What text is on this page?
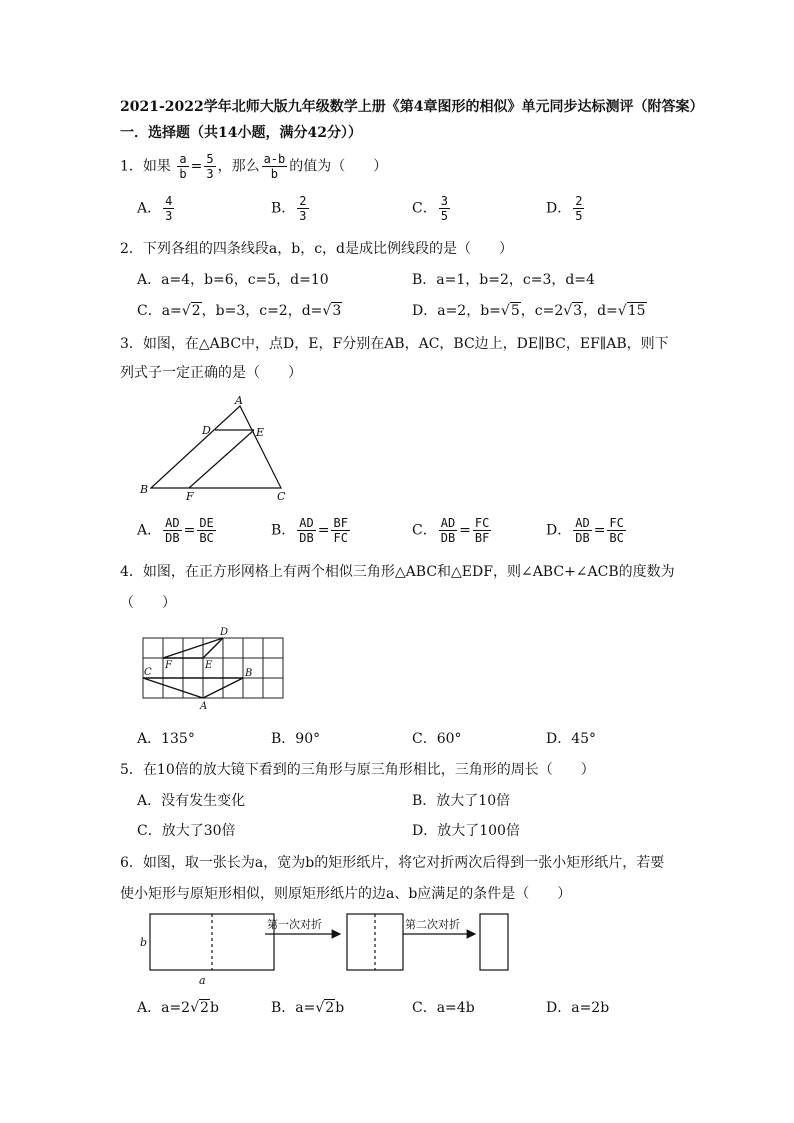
2021-2022学年北师大版九年级数学上册《第4章图形的相似》单元同步达标测评（附答案）
一．选择题（共14小题，满分42分））
1．如果 $\frac{a}{b} = \frac{5}{3}$ ，那么 $\frac{a-b}{b}$ 的值为（　　）
A． $\frac{4}{3}$	B． $\frac{2}{3}$	C． $\frac{3}{5}$	D． $\frac{2}{5}$
2．下列各组的四条线段a，b，c，d是成比例线段的是（　　）
A．a=4，b=6，c=5，d=10	B．a=1，b=2，c=3，d=4
C．a=√2，b=3，c=2，d=√3	D．a=2，b=√5，c=2√3，d=√15
3．如图，在△ABC中，点D，E，F分别在AB，AC，BC边上，DE∥BC，EF∥AB，则下
列式子一定正确的是（　　）
A
B
C
D	E
F
A． $\frac{AD}{DB} = \frac{DE}{BC}$	B． $\frac{AD}{DB} = \frac{BF}{FC}$	C． $\frac{AD}{DB} = \frac{FC}{BF}$	D． $\frac{AD}{DB} = \frac{FC}{BC}$
4．如图，在正方形网格上有两个相似三角形△ABC和△EDF，则∠ABC+∠ACB的度数为
（　　）
A
B
C
D
E
F
A．135°	B．90°	C．60°	D．45°
5．在10倍的放大镜下看到的三角形与原三角形相比，三角形的周长（　　）
A．没有发生变化	B．放大了10倍
C．放大了30倍	D．放大了100倍
6．如图，取一张长为a，宽为b的矩形纸片，将它对折两次后得到一张小矩形纸片，若要
使小矩形与原矩形相似，则原矩形纸片的边a、b应满足的条件是（　　）
b
a
第一次对折	第二次对折
A．a=2√2b	B．a=√2b	C．a=4b	D．a=2b
